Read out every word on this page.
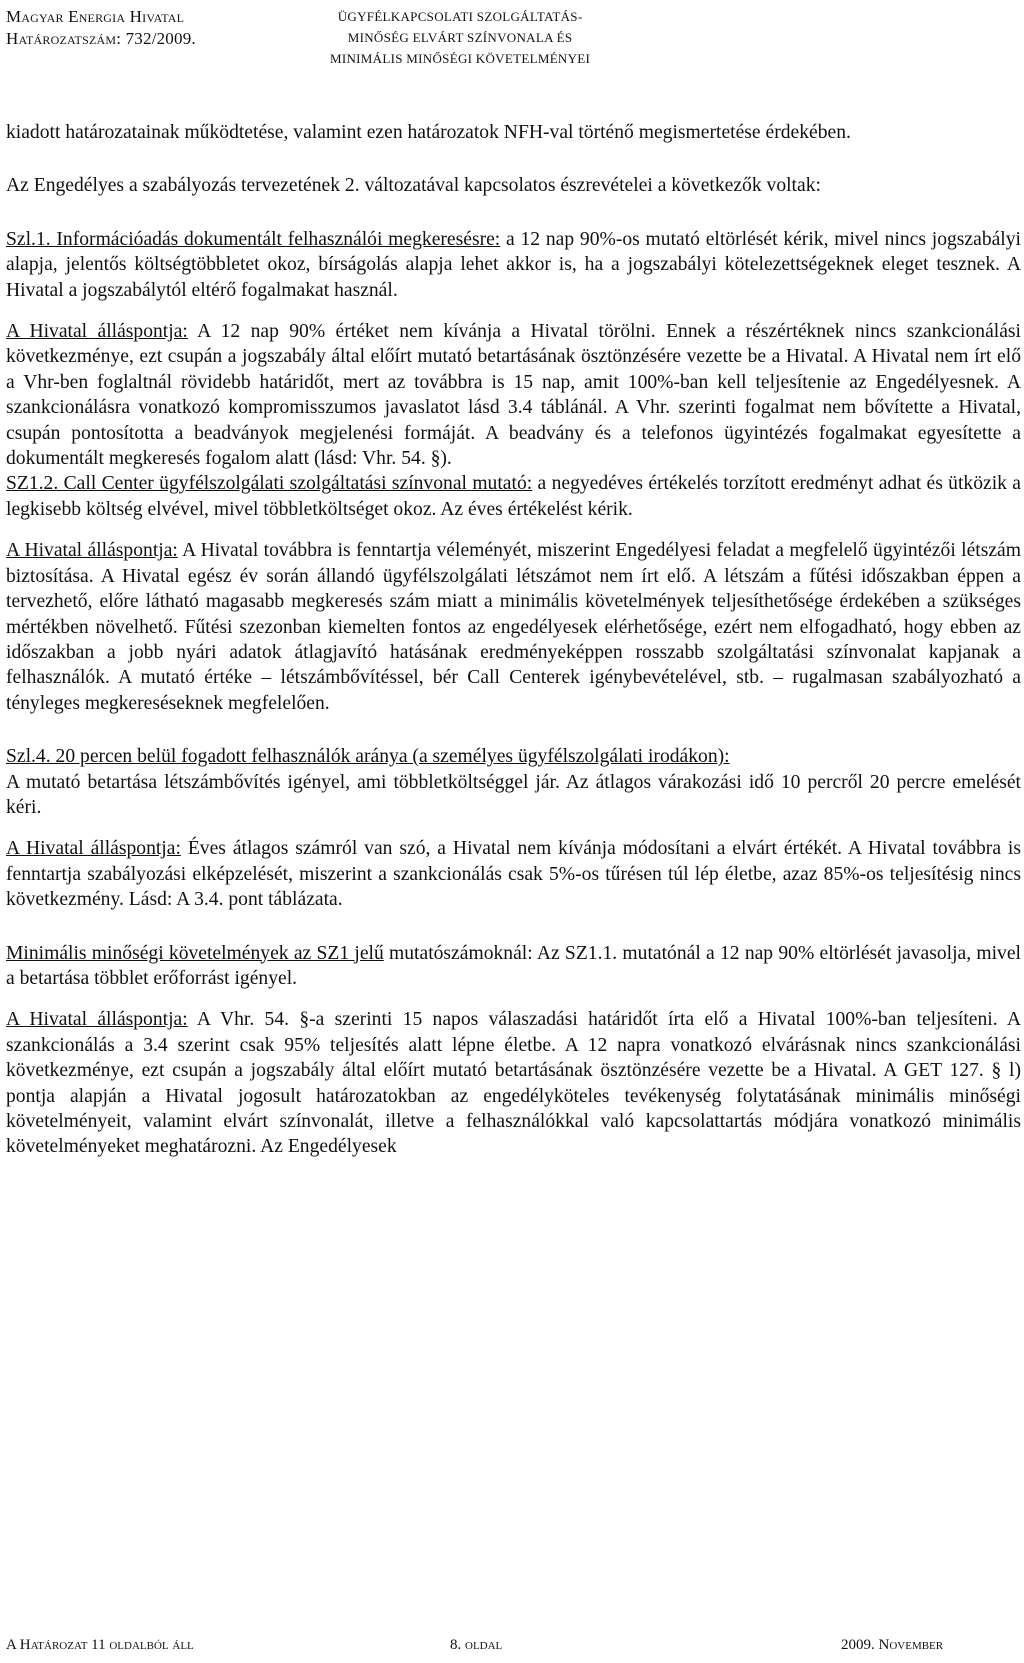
Magyar Energia Hivatal
Határozatszám: 732/2009.
ÜGYFÉLKAPCSOLATI SZOLGÁLTATÁS-
MINŐSÉG ELVÁRT SZÍNVONALA ÉS
MINIMÁLIS MINŐSÉGI KÖVETELMÉNYEI

kiadott határozatainak működtetése, valamint ezen határozatok NFH-val történő megismertetése érdekében.

Az Engedélyes a szabályozás tervezetének 2. változatával kapcsolatos észrevételei a következők voltak:

Szl.1. Információadás dokumentált felhasználói megkeresésre: a 12 nap 90%-os mutató eltörlését kérik, mivel nincs jogszabályi alapja, jelentős költségtöbbletet okoz, bírságolás alapja lehet akkor is, ha a jogszabályi kötelezettségeknek eleget tesznek. A Hivatal a jogszabálytól eltérő fogalmakat használ.

A Hivatal álláspontja: A 12 nap 90% értéket nem kívánja a Hivatal törölni. Ennek a részértéknek nincs szankcionálási következménye, ezt csupán a jogszabály által előírt mutató betartásának ösztönzésére vezette be a Hivatal. A Hivatal nem írt elő a Vhr-ben foglaltnál rövidebb határidőt, mert az továbbra is 15 nap, amit 100%-ban kell teljesítenie az Engedélyesnek. A szankcionálásra vonatkozó kompromisszumos javaslatot lásd 3.4 táblánál. A Vhr. szerinti fogalmat nem bővítette a Hivatal, csupán pontosította a beadványok megjelenési formáját. A beadvány és a telefonos ügyintézés fogalmakat egyesítette a dokumentált megkeresés fogalom alatt (lásd: Vhr. 54. §).

SZ1.2. Call Center ügyfélszolgálati szolgáltatási színvonal mutató: a negyedéves értékelés torzított eredményt adhat és ütközik a legkisebb költség elvével, mivel többletköltséget okoz. Az éves értékelést kérik.

A Hivatal álláspontja: A Hivatal továbbra is fenntartja véleményét, miszerint Engedélyesi feladat a megfelelő ügyintézői létszám biztosítása. A Hivatal egész év során állandó ügyfélszolgálati létszámot nem írt elő. A létszám a fűtési időszakban éppen a tervezhető, előre látható magasabb megkeresés szám miatt a minimális követelmények teljesíthetősége érdekében a szükséges mértékben növelhető. Fűtési szezonban kiemelten fontos az engedélyesek elérhetősége, ezért nem elfogadható, hogy ebben az időszakban a jobb nyári adatok átlagjavító hatásának eredményeképpen rosszabb szolgáltatási színvonalat kapjanak a felhasználók. A mutató értéke – létszámbővítéssel, bér Call Centerek igénybevételével, stb. – rugalmasan szabályozható a tényleges megkereséseknek megfelelően.

Szl.4. 20 percen belül fogadott felhasználók aránya (a személyes ügyfélszolgálati irodákon):
A mutató betartása létszámbővítés igényel, ami többletköltséggel jár. Az átlagos várakozási idő 10 percről 20 percre emelését kéri.

A Hivatal álláspontja: Éves átlagos számról van szó, a Hivatal nem kívánja módosítani a elvárt értékét. A Hivatal továbbra is fenntartja szabályozási elképzelését, miszerint a szankcionálás csak 5%-os tűrésen túl lép életbe, azaz 85%-os teljesítésig nincs következmény. Lásd: A 3.4. pont táblázata.

Minimális minőségi követelmények az SZ1 jelű mutatószámoknál: Az SZ1.1. mutatónál a 12 nap 90% eltörlését javasolja, mivel a betartása többlet erőforrást igényel.

A Hivatal álláspontja: A Vhr. 54. §-a szerinti 15 napos válaszadási határidőt írta elő a Hivatal 100%-ban teljesíteni. A szankcionálás a 3.4 szerint csak 95% teljesítés alatt lépne életbe. A 12 napra vonatkozó elvárásnak nincs szankcionálási következménye, ezt csupán a jogszabály által előírt mutató betartásának ösztönzésére vezette be a Hivatal. A GET 127. § l) pontja alapján a Hivatal jogosult határozatokban az engedélyköteles tevékenység folytatásának minimális minőségi követelményeit, valamint elvárt színvonalát, illetve a felhasználókkal való kapcsolattartás módjára vonatkozó minimális követelményeket meghatározni. Az Engedélyesek

A Határozat 11 oldalból áll	8. oldal	2009. November
